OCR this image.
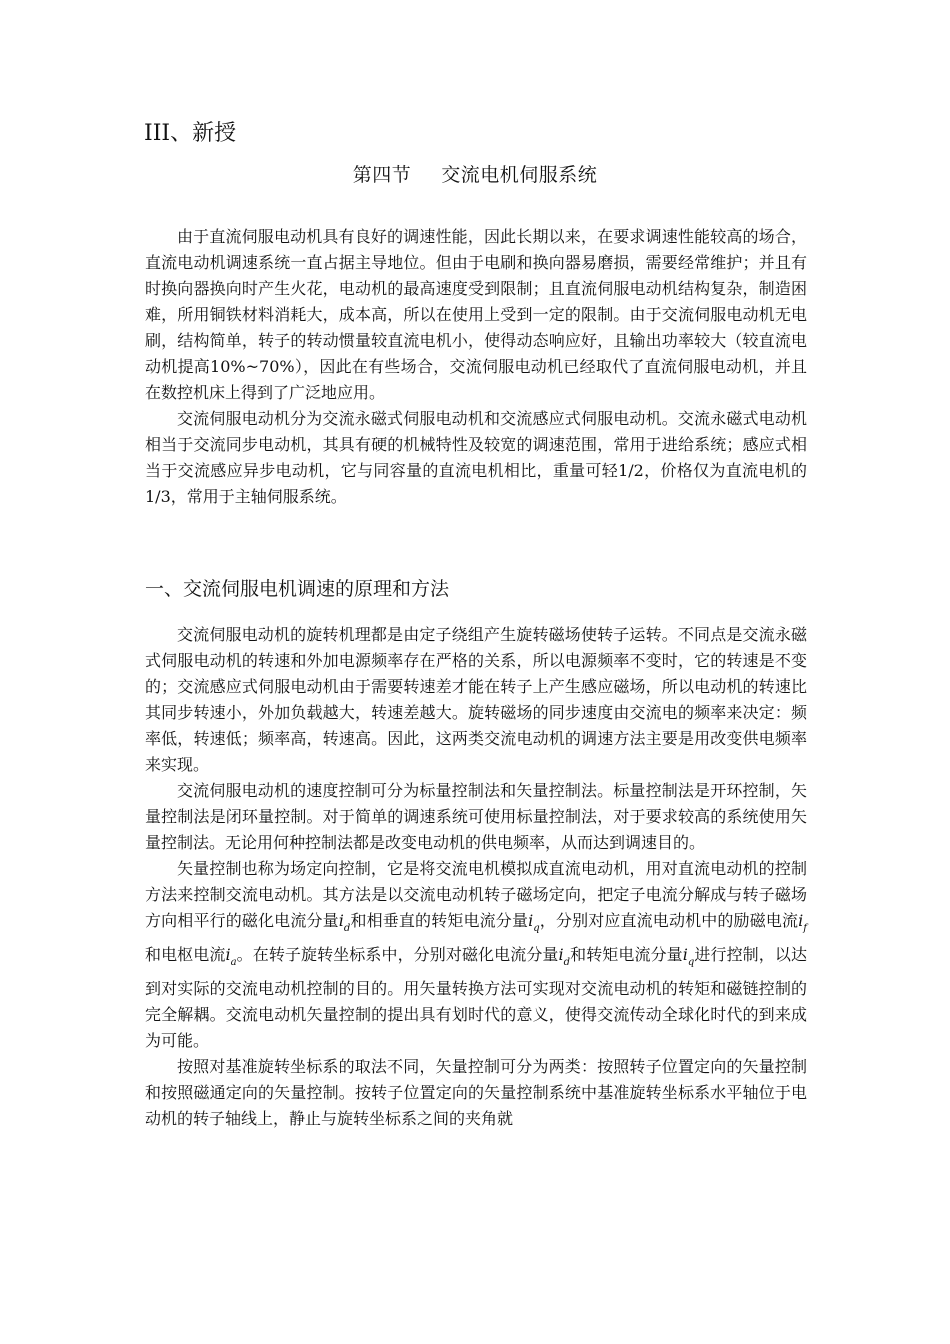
III、新授
第四节 交流电机伺服系统

由于直流伺服电动机具有良好的调速性能，因此长期以来，在要求调速性能较高的场合，直流电动机调速系统一直占据主导地位。但由于电刷和换向器易磨损，需要经常维护；并且有时换向器换向时产生火花，电动机的最高速度受到限制；且直流伺服电动机结构复杂，制造困难，所用铜铁材料消耗大，成本高，所以在使用上受到一定的限制。由于交流伺服电动机无电刷，结构简单，转子的转动惯量较直流电机小，使得动态响应好，且输出功率较大（较直流电动机提高10%~70%），因此在有些场合，交流伺服电动机已经取代了直流伺服电动机，并且在数控机床上得到了广泛地应用。

交流伺服电动机分为交流永磁式伺服电动机和交流感应式伺服电动机。交流永磁式电动机相当于交流同步电动机，其具有硬的机械特性及较宽的调速范围，常用于进给系统；感应式相当于交流感应异步电动机，它与同容量的直流电机相比，重量可轻1/2，价格仅为直流电机的1/3，常用于主轴伺服系统。

一、交流伺服电机调速的原理和方法

交流伺服电动机的旋转机理都是由定子绕组产生旋转磁场使转子运转。不同点是交流永磁式伺服电动机的转速和外加电源频率存在严格的关系，所以电源频率不变时，它的转速是不变的；交流感应式伺服电动机由于需要转速差才能在转子上产生感应磁场，所以电动机的转速比其同步转速小，外加负载越大，转速差越大。旋转磁场的同步速度由交流电的频率来决定：频率低，转速低；频率高，转速高。因此，这两类交流电动机的调速方法主要是用改变供电频率来实现。

交流伺服电动机的速度控制可分为标量控制法和矢量控制法。标量控制法是开环控制，矢量控制法是闭环量控制。对于简单的调速系统可使用标量控制法，对于要求较高的系统使用矢量控制法。无论用何种控制法都是改变电动机的供电频率，从而达到调速目的。

矢量控制也称为场定向控制，它是将交流电机模拟成直流电动机，用对直流电动机的控制方法来控制交流电动机。其方法是以交流电动机转子磁场定向，把定子电流分解成与转子磁场方向相平行的磁化电流分量$i_d$和相垂直的转矩电流分量$i_q$，分别对应直流电动机中的励磁电流$i_f$和电枢电流$i_a$。在转子旋转坐标系中，分别对磁化电流分量$i_d$和转矩电流分量$i_q$进行控制，以达到对实际的交流电动机控制的目的。用矢量转换方法可实现对交流电动机的转矩和磁链控制的完全解耦。交流电动机矢量控制的提出具有划时代的意义，使得交流传动全球化时代的到来成为可能。

按照对基准旋转坐标系的取法不同，矢量控制可分为两类：按照转子位置定向的矢量控制和按照磁通定向的矢量控制。按转子位置定向的矢量控制系统中基准旋转坐标系水平轴位于电动机的转子轴线上，静止与旋转坐标系之间的夹角就
